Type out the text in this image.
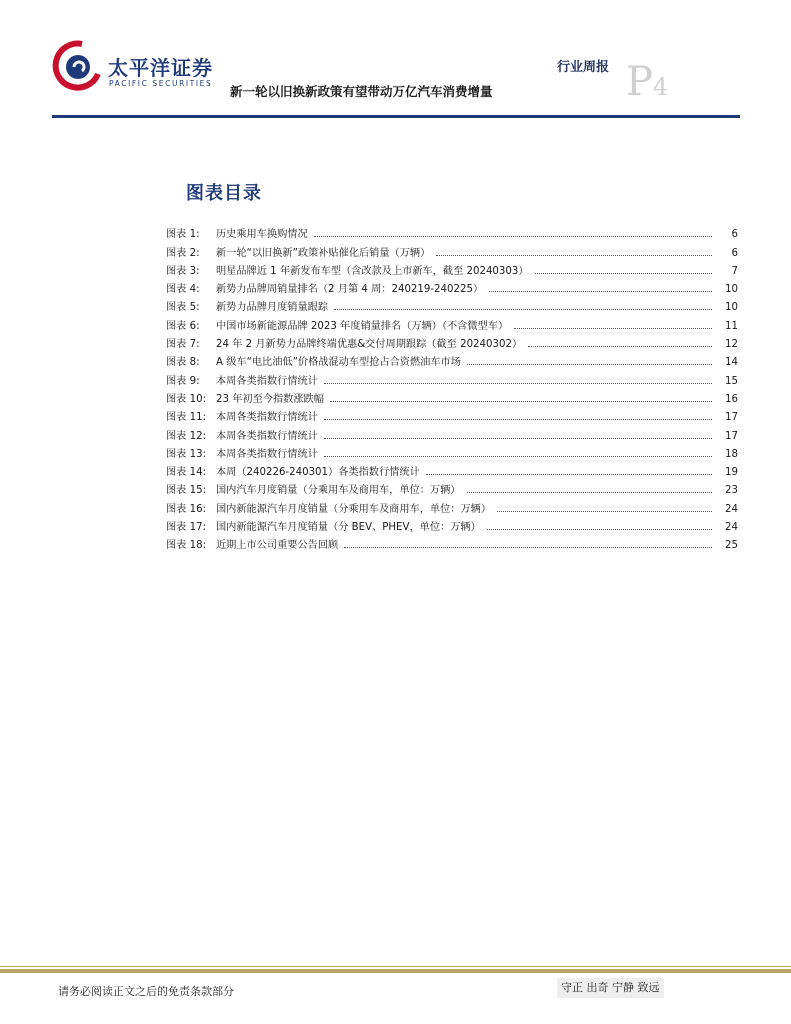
太平洋证券
PACIFIC SECURITIES
行业周报 P4
新一轮以旧换新政策有望带动万亿汽车消费增量
图表目录
图表 1:	历史乘用车换购情况	6
图表 2:	新一轮“以旧换新”政策补贴催化后销量（万辆）	6
图表 3:	明星品牌近 1 年新发布车型（含改款及上市新车，截至 20240303）	7
图表 4:	新势力品牌周销量排名（2 月第 4 周：240219-240225）	10
图表 5:	新势力品牌月度销量跟踪	10
图表 6:	中国市场新能源品牌 2023 年度销量排名（万辆）（不含微型车）	11
图表 7:	24 年 2 月新势力品牌终端优惠&交付周期跟踪（截至 20240302）	12
图表 8:	A 级车“电比油低”价格战混动车型抢占合资燃油车市场	14
图表 9:	本周各类指数行情统计	15
图表 10: 23 年初至今指数涨跌幅	16
图表 11: 本周各类指数行情统计	17
图表 12: 本周各类指数行情统计	17
图表 13: 本周各类指数行情统计	18
图表 14: 本周（240226-240301）各类指数行情统计	19
图表 15: 国内汽车月度销量（分乘用车及商用车，单位：万辆）	23
图表 16: 国内新能源汽车月度销量（分乘用车及商用车，单位：万辆）	24
图表 17: 国内新能源汽车月度销量（分 BEV、PHEV，单位：万辆）	24
图表 18: 近期上市公司重要公告回顾	25
请务必阅读正文之后的免责条款部分	守正 出奇 宁静 致远
